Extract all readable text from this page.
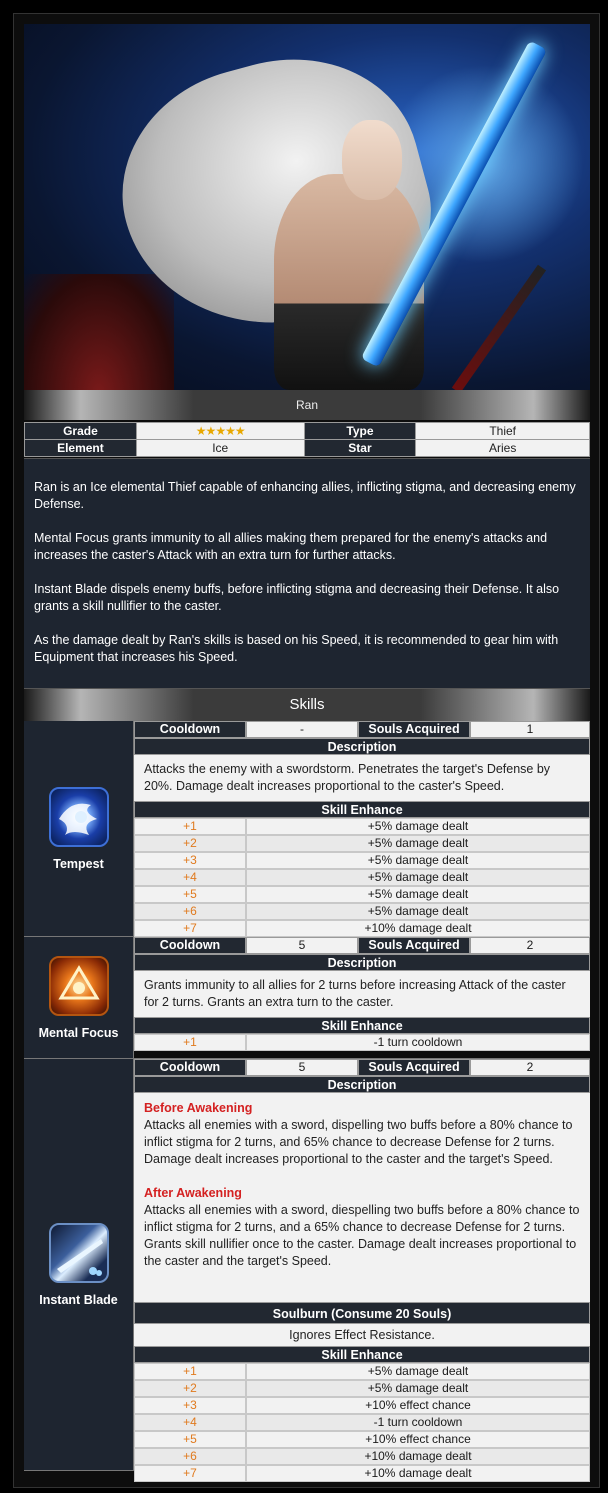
Ran
Grade	★★★★★	Type	Thief
Element	Ice	Star	Aries

Ran is an Ice elemental Thief capable of enhancing allies, inflicting stigma, and decreasing enemy Defense.

Mental Focus grants immunity to all allies making them prepared for the enemy's attacks and increases the caster's Attack with an extra turn for further attacks.

Instant Blade dispels enemy buffs, before inflicting stigma and decreasing their Defense. It also grants a skill nullifier to the caster.

As the damage dealt by Ran's skills is based on his Speed, it is recommended to gear him with Equipment that increases his Speed.

Skills
Tempest
Cooldown	-	Souls Acquired	1
Description
Attacks the enemy with a swordstorm. Penetrates the target's Defense by 20%. Damage dealt increases proportional to the caster's Speed.
Skill Enhance
+1	+5% damage dealt
+2	+5% damage dealt
+3	+5% damage dealt
+4	+5% damage dealt
+5	+5% damage dealt
+6	+5% damage dealt
+7	+10% damage dealt
Mental Focus
Cooldown	5	Souls Acquired	2
Description
Grants immunity to all allies for 2 turns before increasing Attack of the caster for 2 turns. Grants an extra turn to the caster.
Skill Enhance
+1	-1 turn cooldown
Instant Blade
Cooldown	5	Souls Acquired	2
Description
Before Awakening
Attacks all enemies with a sword, dispelling two buffs before a 80% chance to inflict stigma for 2 turns, and 65% chance to decrease Defense for 2 turns. Damage dealt increases proportional to the caster and the target's Speed.
After Awakening
Attacks all enemies with a sword, diespelling two buffs before a 80% chance to inflict stigma for 2 turns, and a 65% chance to decrease Defense for 2 turns. Grants skill nullifier once to the caster. Damage dealt increases proportional to the caster and the target's Speed.
Soulburn (Consume 20 Souls)
Ignores Effect Resistance.
Skill Enhance
+1	+5% damage dealt
+2	+5% damage dealt
+3	+10% effect chance
+4	-1 turn cooldown
+5	+10% effect chance
+6	+10% damage dealt
+7	+10% damage dealt
